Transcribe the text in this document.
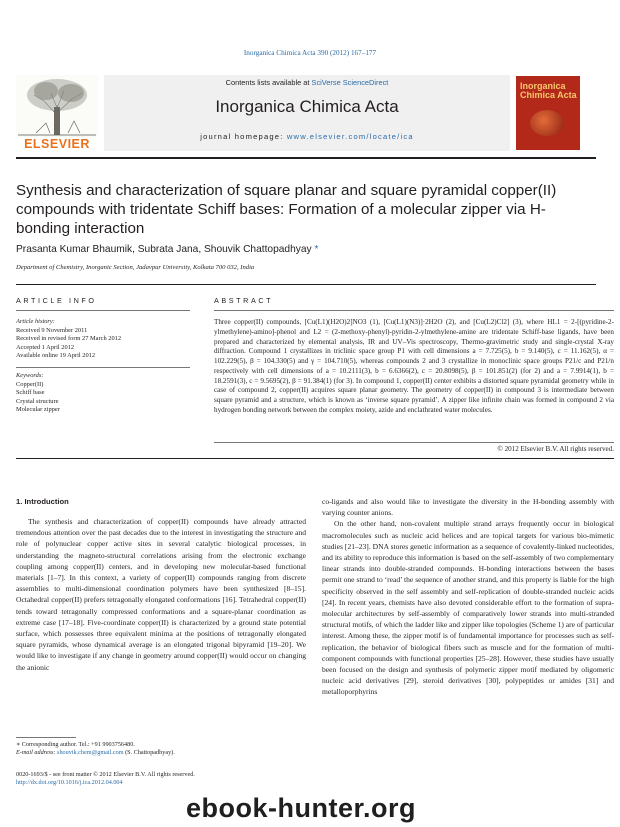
Inorganica Chimica Acta 390 (2012) 167–177
ELSEVIER
Contents lists available at SciVerse ScienceDirect
Inorganica Chimica Acta
journal homepage: www.elsevier.com/locate/ica
Inorganica
Chimica Acta
Synthesis and characterization of square planar and square pyramidal copper(II) compounds with tridentate Schiff bases: Formation of a molecular zipper via H-bonding interaction
Prasanta Kumar Bhaumik, Subrata Jana, Shouvik Chattopadhyay *
Department of Chemistry, Inorganic Section, Jadavpur University, Kolkata 700 032, India
ARTICLE INFO	ABSTRACT
Article history:
Received 9 November 2011
Received in revised form 27 March 2012
Accepted 1 April 2012
Available online 19 April 2012
Keywords:
Copper(II)
Schiff base
Crystal structure
Molecular zipper
Three copper(II) compounds, [Cu(L1)(H2O)2]NO3 (1), [Cu(L1)(N3)]·2H2O (2), and [Cu(L2)Cl2] (3), where HL1 = 2-[(pyridine-2-ylmethylene)-amino]-phenol and L2 = (2-methoxy-phenyl)-pyridin-2-ylmethylene-amine are tridentate Schiff-base ligands, have been prepared and characterized by elemental analysis, IR and UV–Vis spectroscopy, Thermo-gravimetric study and single-crystal X-ray diffraction. Compound 1 crystallizes in triclinic space group P1 with cell dimensions a = 7.725(5), b = 9.140(5), c = 11.162(5), α = 102.229(5), β = 104.330(5) and γ = 104.710(5), whereas compounds 2 and 3 crystallize in monoclinic space groups P21/c and P21/n respectively with cell dimensions of a = 10.2111(3), b = 6.6366(2), c = 20.8098(5), β = 101.851(2) (for 2) and a = 7.9914(1), b = 18.2591(3), c = 9.5695(2), β = 91.384(1) (for 3). In compound 1, copper(II) center exhibits a distorted square pyramidal geometry while in case of compound 2, copper(II) acquires square planar geometry. The geometry of copper(II) in compound 3 is intermediate between square pyramid and a structure, which is known as ‘inverse square pyramid’. A zipper like infinite chain was formed in compound 2 via hydrogen bonding network between the complex moiety, azide and enclathrated water molecules.
© 2012 Elsevier B.V. All rights reserved.
1. Introduction
The synthesis and characterization of copper(II) compounds have already attracted tremendous attention over the past decades due to the interest in investigating the structure and role of polynuclear copper active sites in several catalytic biological processes, in understanding the magneto-structural correlations arising from the electronic exchange coupling among copper(II) centers, and in developing new molecular-based functional materials [1–7]. In this context, a variety of copper(II) compounds ranging from discrete assemblies to multi-dimensional coordination polymers have been synthesized [8–15]. Octahedral copper(II) prefers tetragonally elongated conformations [16]. Tetrahedral copper(II) tends toward tetragonally compressed conformations and a square-planar coordination as extreme case [17–18]. Five-coordinate copper(II) is characterized by a ground state potential surface, which possesses three equivalent minima at the positions of tetragonally elongated square pyramids, whose dynamical average is an elongated trigonal bipyramid [19–20]. We would like to investigate if any change in geometry around copper(II) would occur on changing the anionic

co-ligands and also would like to investigate the diversity in the H-bonding assembly with varying counter anions.

On the other hand, non-covalent multiple strand arrays frequently occur in biological macromolecules such as nucleic acid helices and are topical targets for various bio-mimetic studies [21–23]. DNA stores genetic information as a sequence of covalently-linked nucleotides, and its ability to reproduce this information is based on the self-assembly of two complementary linear strands into double-stranded compounds. H-bonding interactions between the bases permit one strand to ‘read’ the sequence of another strand, and this property is liable for the high specificity observed in the self assembly and self-replication of double-stranded nucleic acids [24]. In recent years, chemists have also devoted considerable effort to the formation of supra-molecular architectures by self-assembly of comparatively lower strands into multi-stranded structural motifs, of which the ladder like and zipper like topologies (Scheme 1) are of particular interest. Among these, the zipper motif is of fundamental importance for processes such as self-replication, the behavior of biological fibers such as muscle and for the formation of multi-component compounds with functional properties [25–28]. However, these studies have usually been focused on the design and synthesis of polymeric zipper motif mediated by oligomeric nucleic acid derivatives [29], steroid derivatives [30], polypeptides or amides [31] and metalloporphyrins

∗ Corresponding author. Tel.: +91 9903756480.
E-mail address: shouvik.chem@gmail.com (S. Chattopadhyay).
0020-1693/$ - see front matter © 2012 Elsevier B.V. All rights reserved.
http://dx.doi.org/10.1016/j.ica.2012.04.004
ebook-hunter.org
